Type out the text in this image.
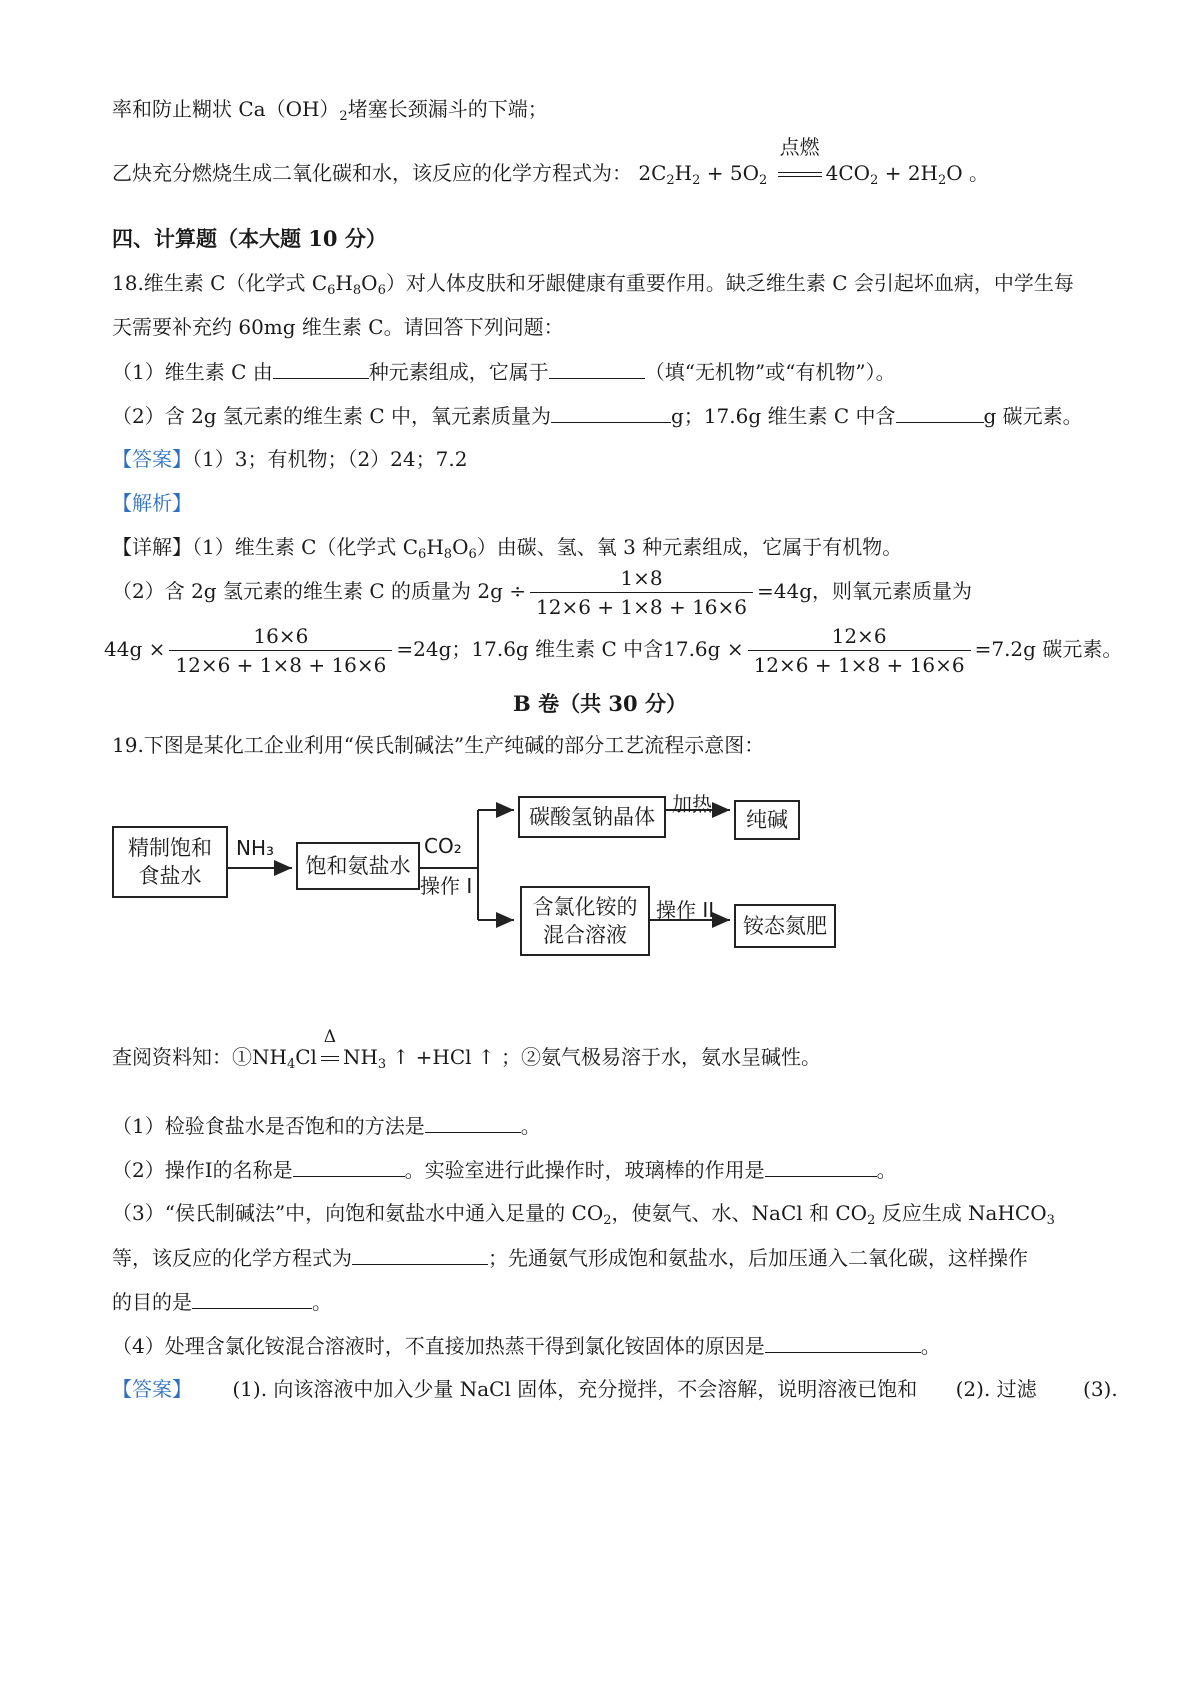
率和防止糊状 $Ca(OH)_2$堵塞长颈漏斗的下端；
乙炔充分燃烧生成二氧化碳和水，该反应的化学方程式为： $2C_2H_2 + 5O_2$
点燃
$4CO_2 + 2H_2O$ 。
四、计算题（本大题 10 分）
18.维生素 C（化学式 $C_6H_8O_6$）对人体皮肤和牙龈健康有重要作用。缺乏维生素 C 会引起坏血病，中学生每
天需要补充约 60mg 维生素 C。请回答下列问题：
（1）维生素 C 由	种元素组成，它属于	（填“无机物”或“有机物”）。
（2）含 2g 氢元素的维生素 C 中，氧元素质量为	g；17.6g 维生素 C 中含	g 碳元素。
【答案】（1）3；有机物；（2）24；7.2
【解析】
【详解】（1）维生素 C（化学式 $C_6H_8O_6$）由碳、氢、氧 3 种元素组成，它属于有机物。
（2）含 2g 氢元素的维生素 C 的质量为 $2g \div \frac{1\times 8}{12\times 6 + 1\times 8 + 16\times 6} =44g$，则氧元素质量为
$44g \times \frac{16\times 6}{12\times 6 + 1\times 8 + 16\times 6} =24g$；17.6g 维生素 C 中含$17.6g \times \frac{12\times 6}{12\times 6 + 1\times 8 + 16\times 6} =7.2g$ 碳元素。
B 卷（共 30 分）
19.下图是某化工企业利用“侯氏制碱法”生产纯碱的部分工艺流程示意图：
精制饱和
食盐水
NH₃
饱和氨盐水
CO₂
操作 I
碳酸氢钠晶体
加热
纯碱
含氯化铵的
混合溶液
操作 II
铵态氮肥
查阅资料知：$①NH_4Cl$
Δ
$NH_3$ ↑ +HCl ↑ ；②氨气极易溶于水，氨水呈碱性。
（1）检验食盐水是否饱和的方法是	。
（2）操作Ⅰ的名称是	。实验室进行此操作时，玻璃棒的作用是	。
（3）“侯氏制碱法”中，向饱和氨盐水中通入足量的 $CO_2$，使氨气、水、NaCl 和 $CO_2$ 反应生成 NaHCO$_3$
等，该反应的化学方程式为	；先通氨气形成饱和氨盐水，后加压通入二氧化碳，这样操作
的目的是	。
（4）处理含氯化铵混合溶液时，不直接加热蒸干得到氯化铵固体的原因是	。
【答案】 (1). 向该溶液中加入少量 NaCl 固体，充分搅拌，不会溶解，说明溶液已饱和 (2). 过滤 (3).
